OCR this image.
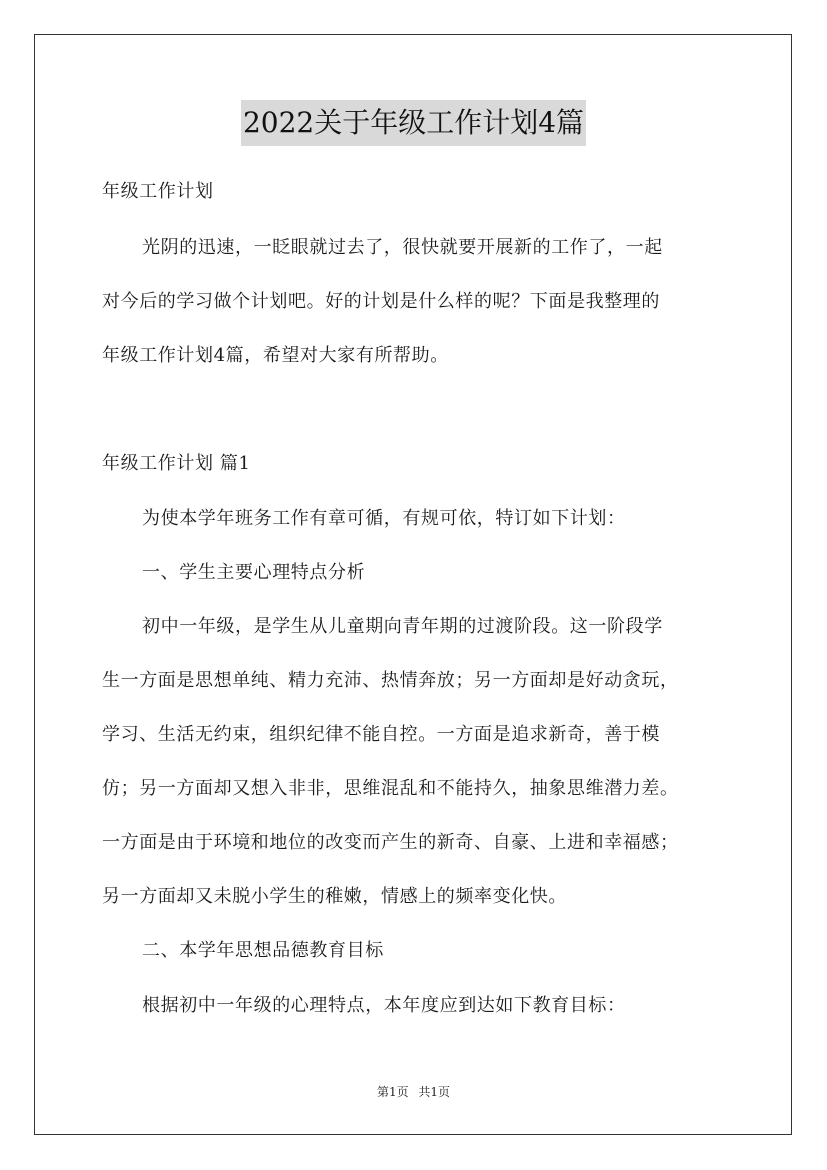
2022关于年级工作计划4篇
年级工作计划
光阴的迅速，一眨眼就过去了，很快就要开展新的工作了，一起
对今后的学习做个计划吧。好的计划是什么样的呢？下面是我整理的
年级工作计划4篇，希望对大家有所帮助。
年级工作计划 篇1
为使本学年班务工作有章可循，有规可依，特订如下计划：
一、学生主要心理特点分析
初中一年级，是学生从儿童期向青年期的过渡阶段。这一阶段学
生一方面是思想单纯、精力充沛、热情奔放；另一方面却是好动贪玩，
学习、生活无约束，组织纪律不能自控。一方面是追求新奇，善于模
仿；另一方面却又想入非非，思维混乱和不能持久，抽象思维潜力差。
一方面是由于环境和地位的改变而产生的新奇、自豪、上进和幸福感；
另一方面却又未脱小学生的稚嫩，情感上的频率变化快。
二、本学年思想品德教育目标
根据初中一年级的心理特点，本年度应到达如下教育目标：
第1页 共1页
